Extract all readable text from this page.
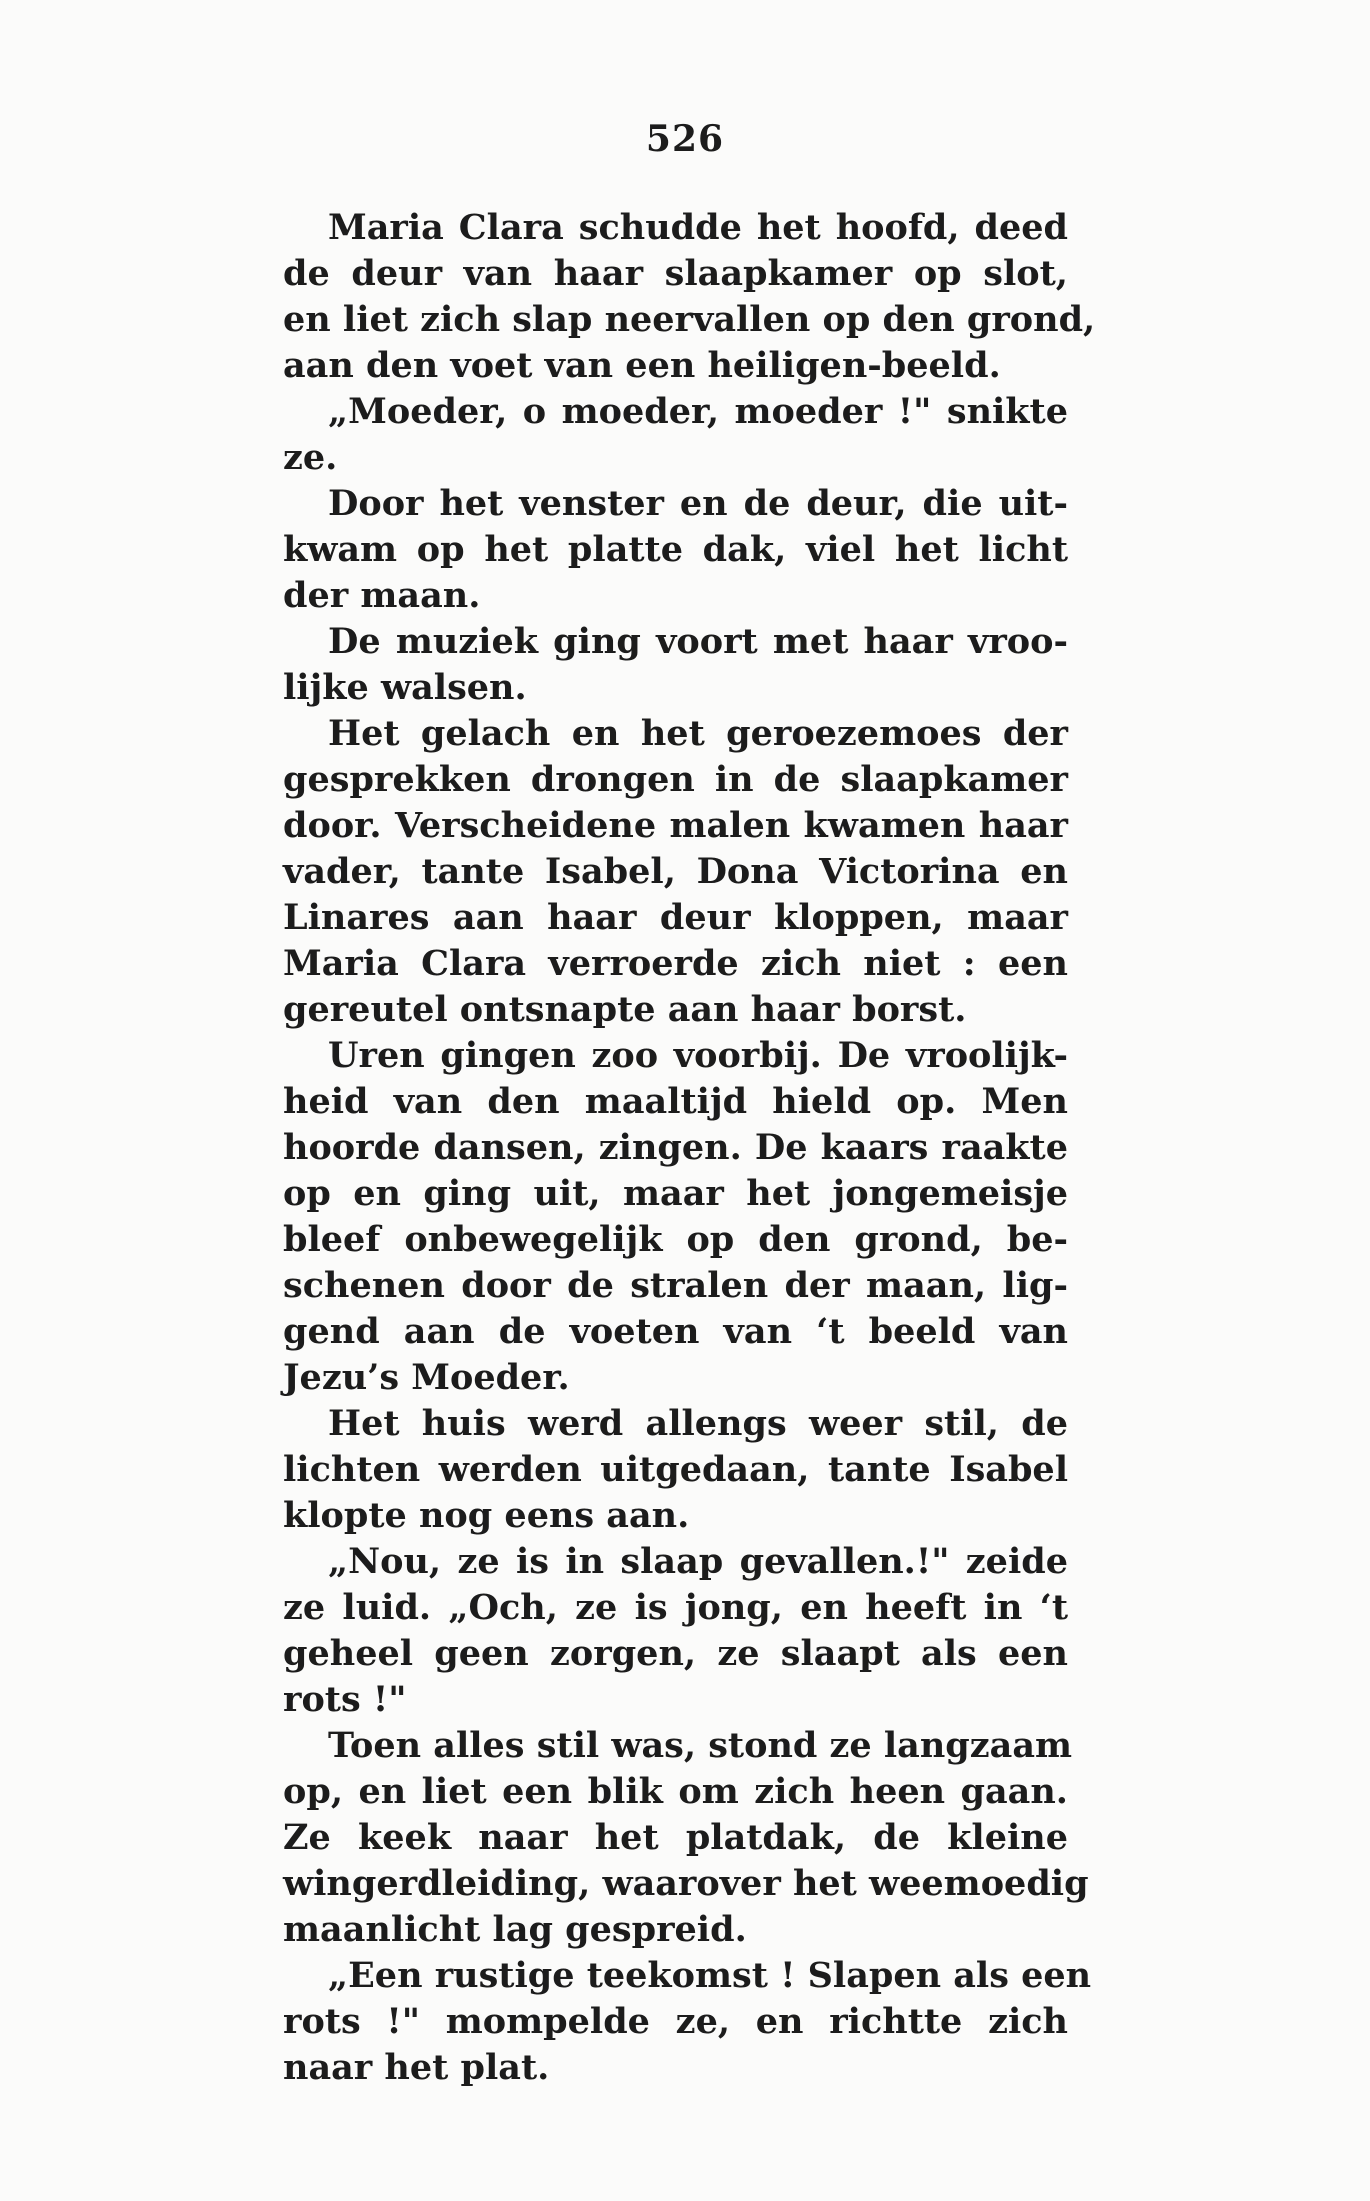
526
Maria Clara schudde het hoofd, deed
de deur van haar slaapkamer op slot,
en liet zich slap neervallen op den grond,
aan den voet van een heiligen-beeld.
„Moeder, o moeder, moeder !" snikte
ze.
Door het venster en de deur, die uit-
kwam op het platte dak, viel het licht
der maan.
De muziek ging voort met haar vroo-
lijke walsen.
Het gelach en het geroezemoes der
gesprekken drongen in de slaapkamer
door. Verscheidene malen kwamen haar
vader, tante Isabel, Dona Victorina en
Linares aan haar deur kloppen, maar
Maria Clara verroerde zich niet : een
gereutel ontsnapte aan haar borst.
Uren gingen zoo voorbij. De vroolijk-
heid van den maaltijd hield op. Men
hoorde dansen, zingen. De kaars raakte
op en ging uit, maar het jongemeisje
bleef onbewegelijk op den grond, be-
schenen door de stralen der maan, lig-
gend aan de voeten van ‘t beeld van
Jezu’s Moeder.
Het huis werd allengs weer stil, de
lichten werden uitgedaan, tante Isabel
klopte nog eens aan.
„Nou, ze is in slaap gevallen.!" zeide
ze luid. „Och, ze is jong, en heeft in ‘t
geheel geen zorgen, ze slaapt als een
rots !"
Toen alles stil was, stond ze langzaam
op, en liet een blik om zich heen gaan.
Ze keek naar het platdak, de kleine
wingerdleiding, waarover het weemoedig
maanlicht lag gespreid.
„Een rustige teekomst ! Slapen als een
rots !" mompelde ze, en richtte zich
naar het plat.
